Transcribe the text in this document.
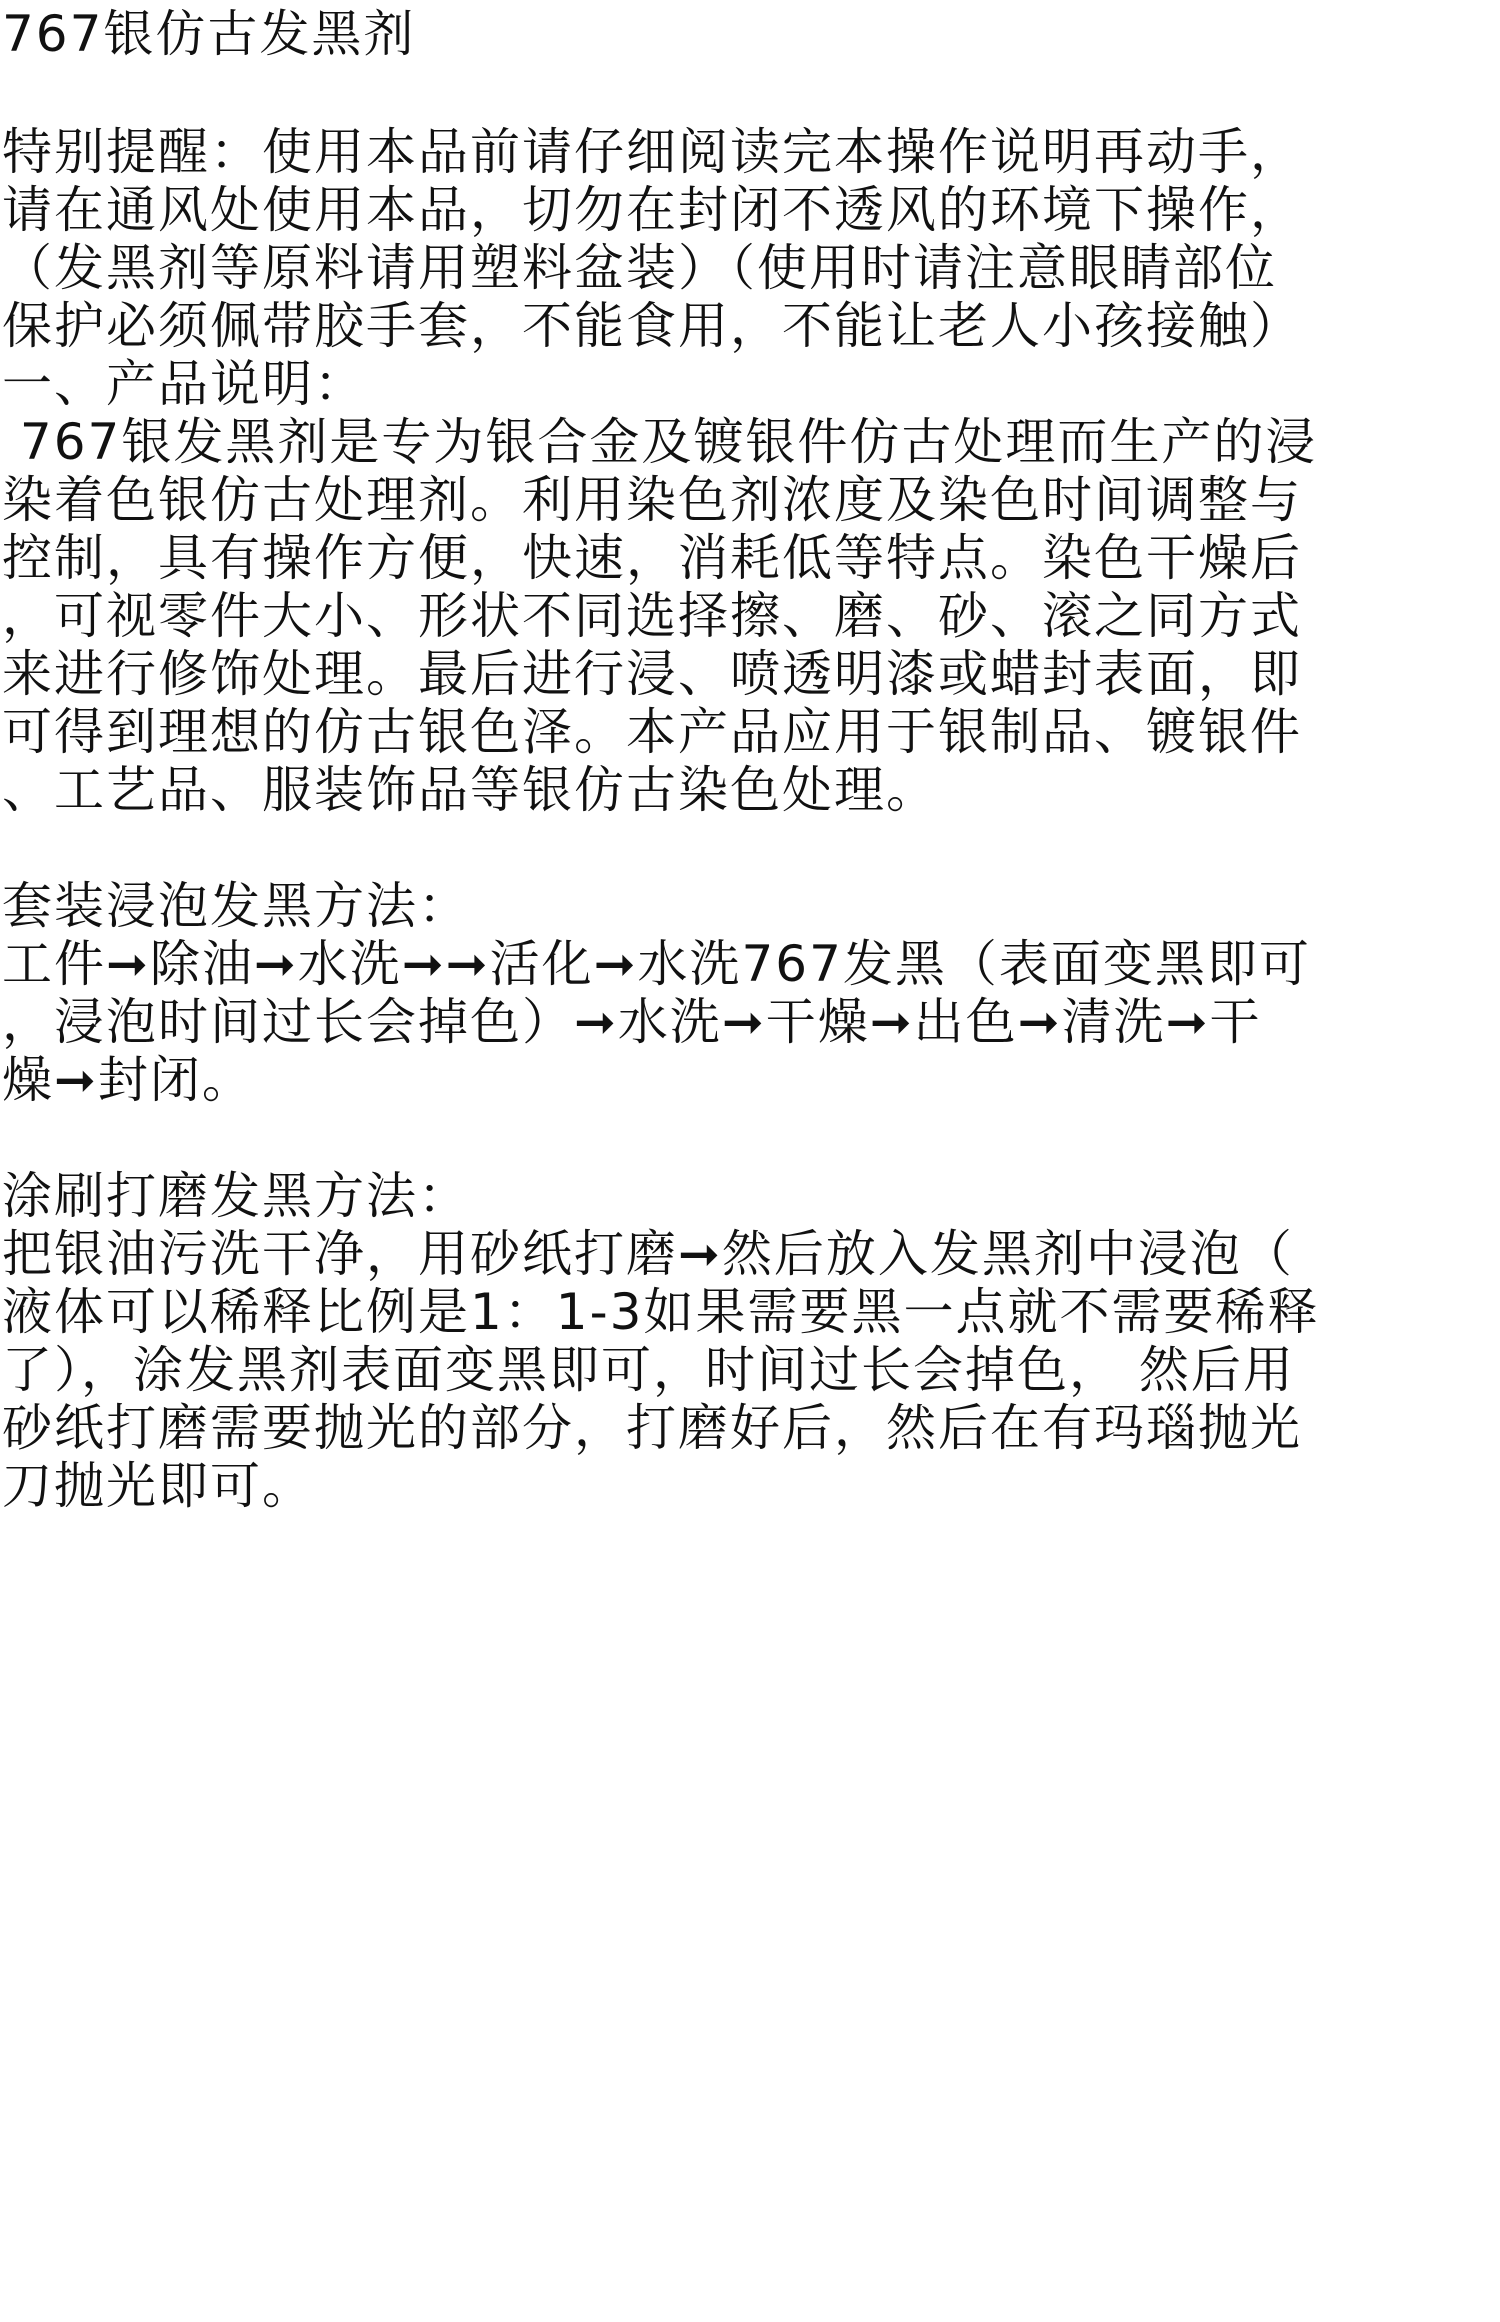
767银仿古发黑剂
特别提醒：使用本品前请仔细阅读完本操作说明再动手，
请在通风处使用本品，切勿在封闭不透风的环境下操作，
（发黑剂等原料请用塑料盆装）（使用时请注意眼睛部位
保护必须佩带胶手套，不能食用，不能让老人小孩接触）
一、产品说明：
767银发黑剂是专为银合金及镀银件仿古处理而生产的浸
染着色银仿古处理剂。利用染色剂浓度及染色时间调整与
控制，具有操作方便，快速，消耗低等特点。染色干燥后
，可视零件大小、形状不同选择擦、磨、砂、滚之同方式
来进行修饰处理。最后进行浸、喷透明漆或蜡封表面，即
可得到理想的仿古银色泽。本产品应用于银制品、镀银件
、工艺品、服装饰品等银仿古染色处理。
套装浸泡发黑方法：
工件➞除油➞水洗➞➞活化➞水洗767发黑（表面变黑即可
，浸泡时间过长会掉色）➞水洗➞干燥➞出色➞清洗➞干
燥➞封闭。
涂刷打磨发黑方法：
把银油污洗干净，用砂纸打磨➞然后放入发黑剂中浸泡（
液体可以稀释比例是1：1-3如果需要黑一点就不需要稀释
了），涂发黑剂表面变黑即可，时间过长会掉色， 然后用
砂纸打磨需要抛光的部分，打磨好后，然后在有玛瑙抛光
刀抛光即可。
